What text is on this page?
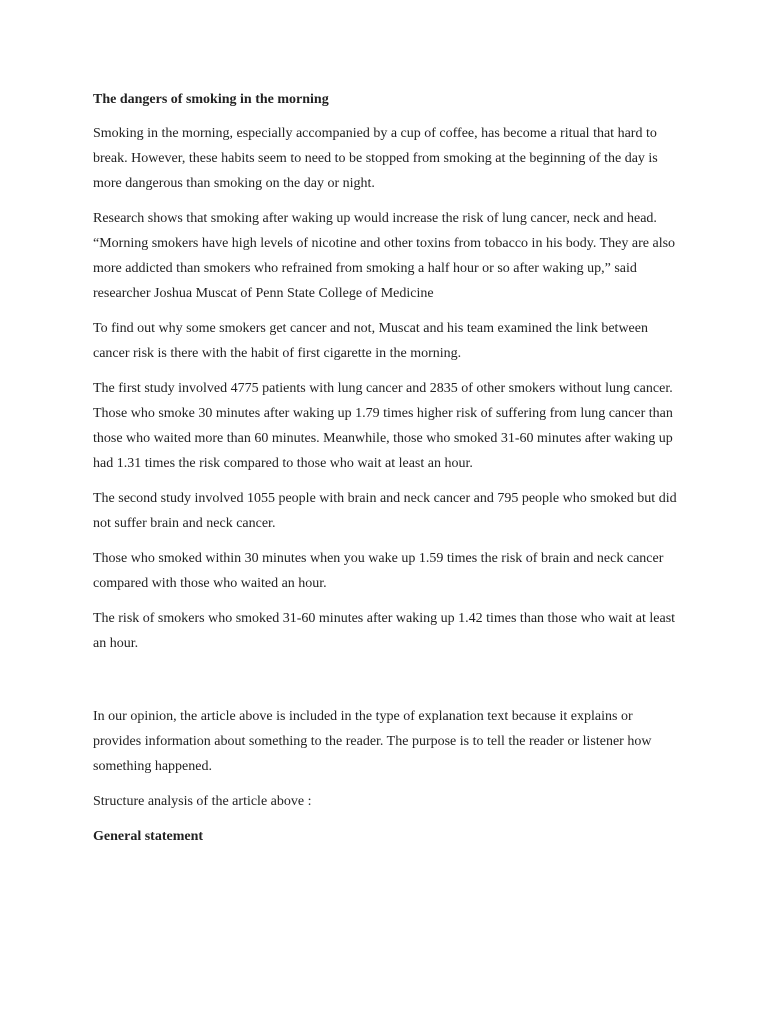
The dangers of smoking in the morning

Smoking in the morning, especially accompanied by a cup of coffee, has become a ritual that hard to break. However, these habits seem to need to be stopped from smoking at the beginning of the day is more dangerous than smoking on the day or night.

Research shows that smoking after waking up would increase the risk of lung cancer, neck and head. “Morning smokers have high levels of nicotine and other toxins from tobacco in his body. They are also more addicted than smokers who refrained from smoking a half hour or so after waking up,” said researcher Joshua Muscat of Penn State College of Medicine

To find out why some smokers get cancer and not, Muscat and his team examined the link between cancer risk is there with the habit of first cigarette in the morning.

The first study involved 4775 patients with lung cancer and 2835 of other smokers without lung cancer. Those who smoke 30 minutes after waking up 1.79 times higher risk of suffering from lung cancer than those who waited more than 60 minutes. Meanwhile, those who smoked 31-60 minutes after waking up had 1.31 times the risk compared to those who wait at least an hour.

The second study involved 1055 people with brain and neck cancer and 795 people who smoked but did not suffer brain and neck cancer.

Those who smoked within 30 minutes when you wake up 1.59 times the risk of brain and neck cancer compared with those who waited an hour.

The risk of smokers who smoked 31-60 minutes after waking up 1.42 times than those who wait at least an hour.

In our opinion, the article above is included in the type of explanation text because it explains or provides information about something to the reader. The purpose is to tell the reader or listener how something happened.

Structure analysis of the article above :

General statement
